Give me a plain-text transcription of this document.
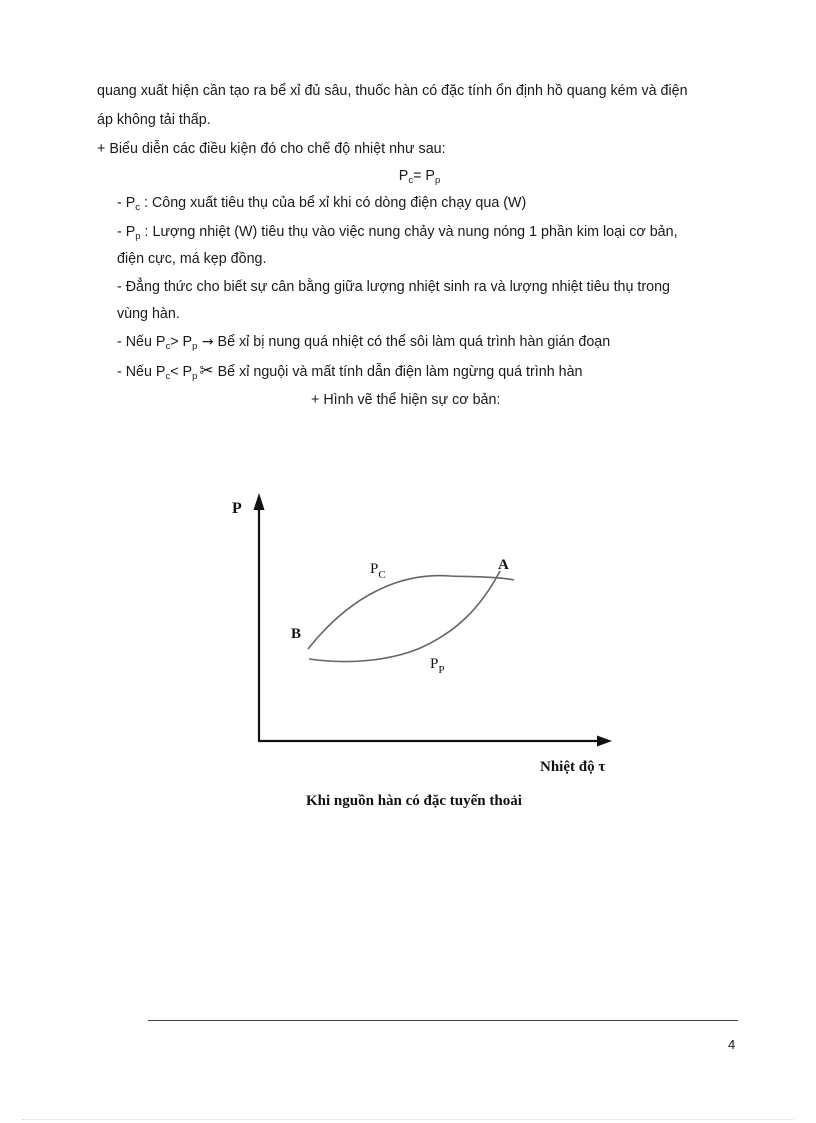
quang xuất hiện cần tạo ra bể xỉ đủ sâu, thuốc hàn có đặc tính ổn định hồ quang kém và điện
áp không tải thấp.
+ Biểu diễn các điều kiện đó cho chế độ nhiệt như sau:
$P_c= P_p$
- $P_c$ : Công xuất tiêu thụ của bể xỉ khi có dòng điện chạy qua (W)
- $P_p$ : Lượng nhiệt (W) tiêu thụ vào việc nung chảy và nung nóng 1 phần kim loại cơ bản,
điện cực, má kẹp đồng.
- Đẳng thức cho biết sự cân bằng giữa lượng nhiệt sinh ra và lượng nhiệt tiêu thụ trong
vùng hàn.
- Nếu $P_c> P_p$ → Bể xỉ bị nung quá nhiệt có thể sôi làm quá trình hàn gián đoạn
- Nếu $P_c< P_p$ ✂ Bể xỉ nguội và mất tính dẫn điện làm ngừng quá trình hàn
+ Hình vẽ thể hiện sự cơ bản:
P
$P_C$
A
B
$P_P$
Nhiệt độ τ
Khi nguồn hàn có đặc tuyến thoải
4
